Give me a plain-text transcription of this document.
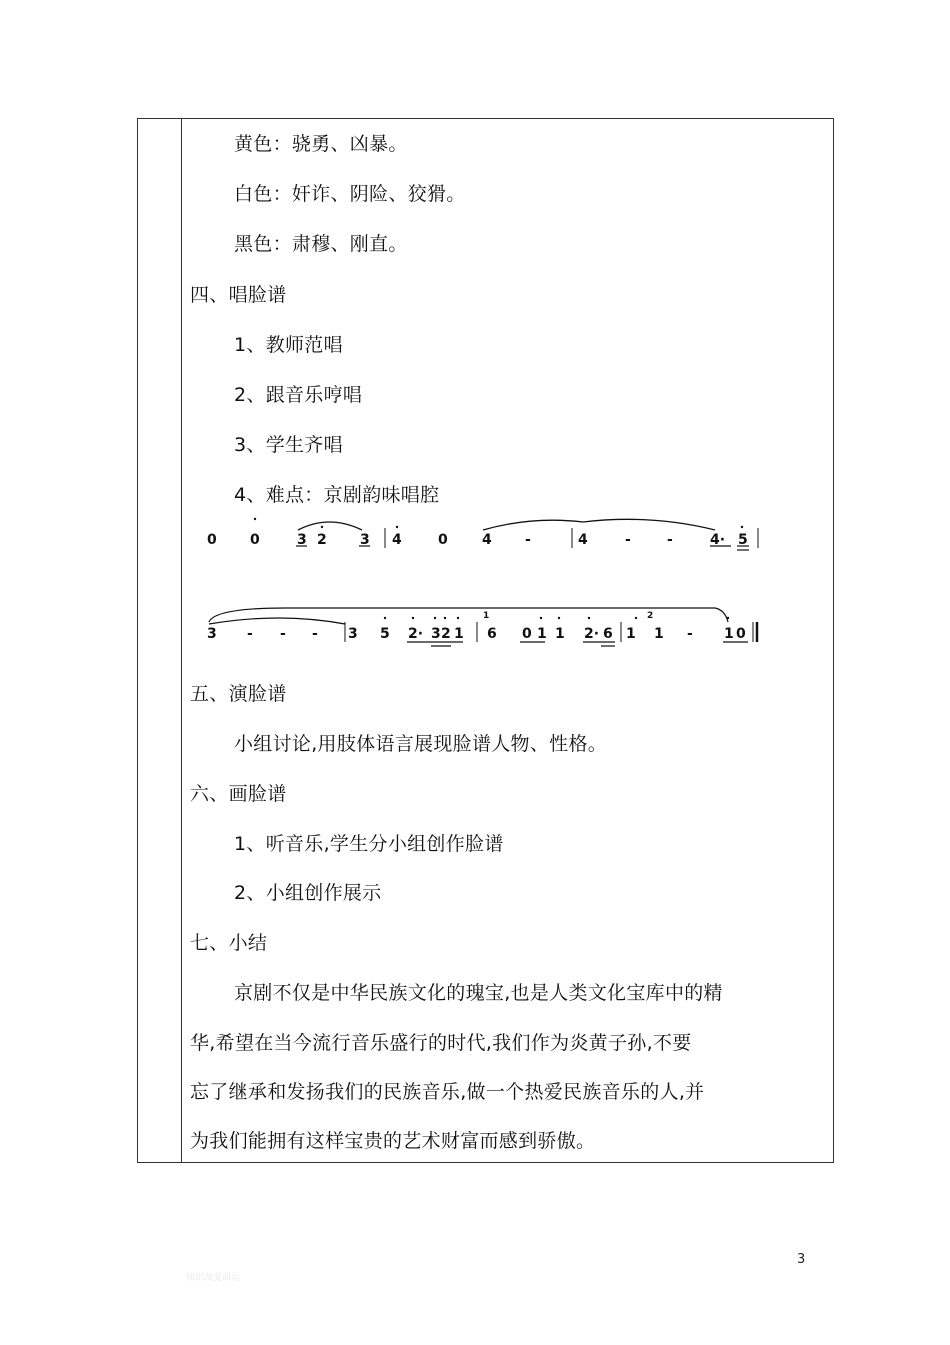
黄色：骁勇、凶暴。
白色：奸诈、阴险、狡猾。
黑色：肃穆、刚直。
四、唱脸谱
1、教师范唱
2、跟音乐哼唱
3、学生齐唱
4、难点：京剧韵味唱腔
0 0	3 2 3 4	0 4 -	4	-	-	4· 5
1	2
3 - - - 3 5 2· 3 2 1 6 0 1 1 2· 6 1 1 - 1 0
五、演脸谱
小组讨论,用肢体语言展现脸谱人物、性格。
六、画脸谱
1、听音乐,学生分小组创作脸谱
2、小组创作展示
七、小结
京剧不仅是中华民族文化的瑰宝,也是人类文化宝库中的精
华,希望在当今流行音乐盛行的时代,我们作为炎黄子孙,不要
忘了继承和发扬我们的民族音乐,做一个热爱民族音乐的人,并
为我们能拥有这样宝贵的艺术财富而感到骄傲。
3
知识改变命运
